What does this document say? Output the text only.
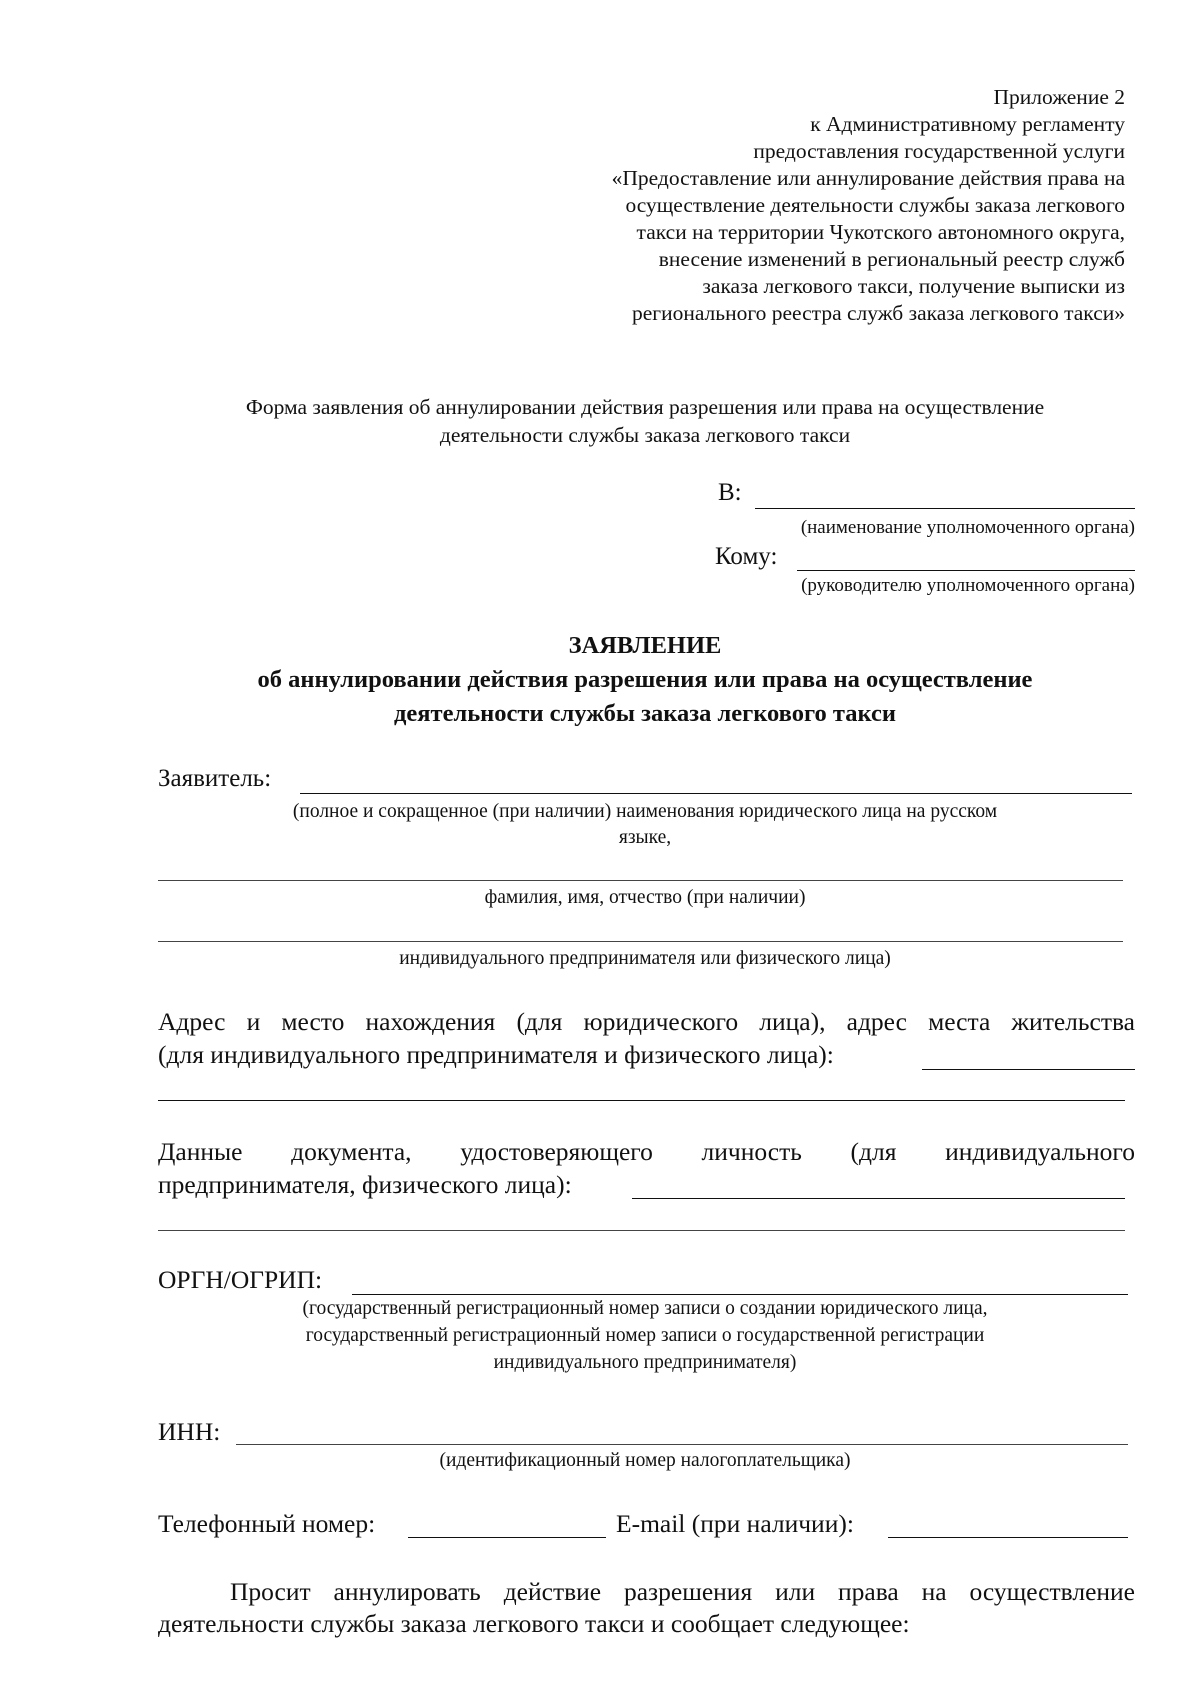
Приложение 2
к Административному регламенту
предоставления государственной услуги
«Предоставление или аннулирование действия права на
осуществление деятельности службы заказа легкового
такси на территории Чукотского автономного округа,
внесение изменений в региональный реестр служб
заказа легкового такси, получение выписки из
регионального реестра служб заказа легкового такси»
Форма заявления об аннулировании действия разрешения или права на осуществление
деятельности службы заказа легкового такси
В:
(наименование уполномоченного органа)
Кому:
(руководителю уполномоченного органа)
ЗАЯВЛЕНИЕ
об аннулировании действия разрешения или права на осуществление
деятельности службы заказа легкового такси
Заявитель:
(полное и сокращенное (при наличии) наименования юридического лица на русском
языке,
фамилия, имя, отчество (при наличии)
индивидуального предпринимателя или физического лица)
Адрес и место нахождения (для юридического лица), адрес места жительства
(для индивидуального предпринимателя и физического лица):
Данные документа, удостоверяющего личность (для индивидуального
предпринимателя, физического лица):
ОРГН/ОГРИП:
(государственный регистрационный номер записи о создании юридического лица,
государственный регистрационный номер записи о государственной регистрации
индивидуального предпринимателя)
ИНН:
(идентификационный номер налогоплательщика)
Телефонный номер:	E-mail (при наличии):
Просит аннулировать действие разрешения или права на осуществление
деятельности службы заказа легкового такси и сообщает следующее:
